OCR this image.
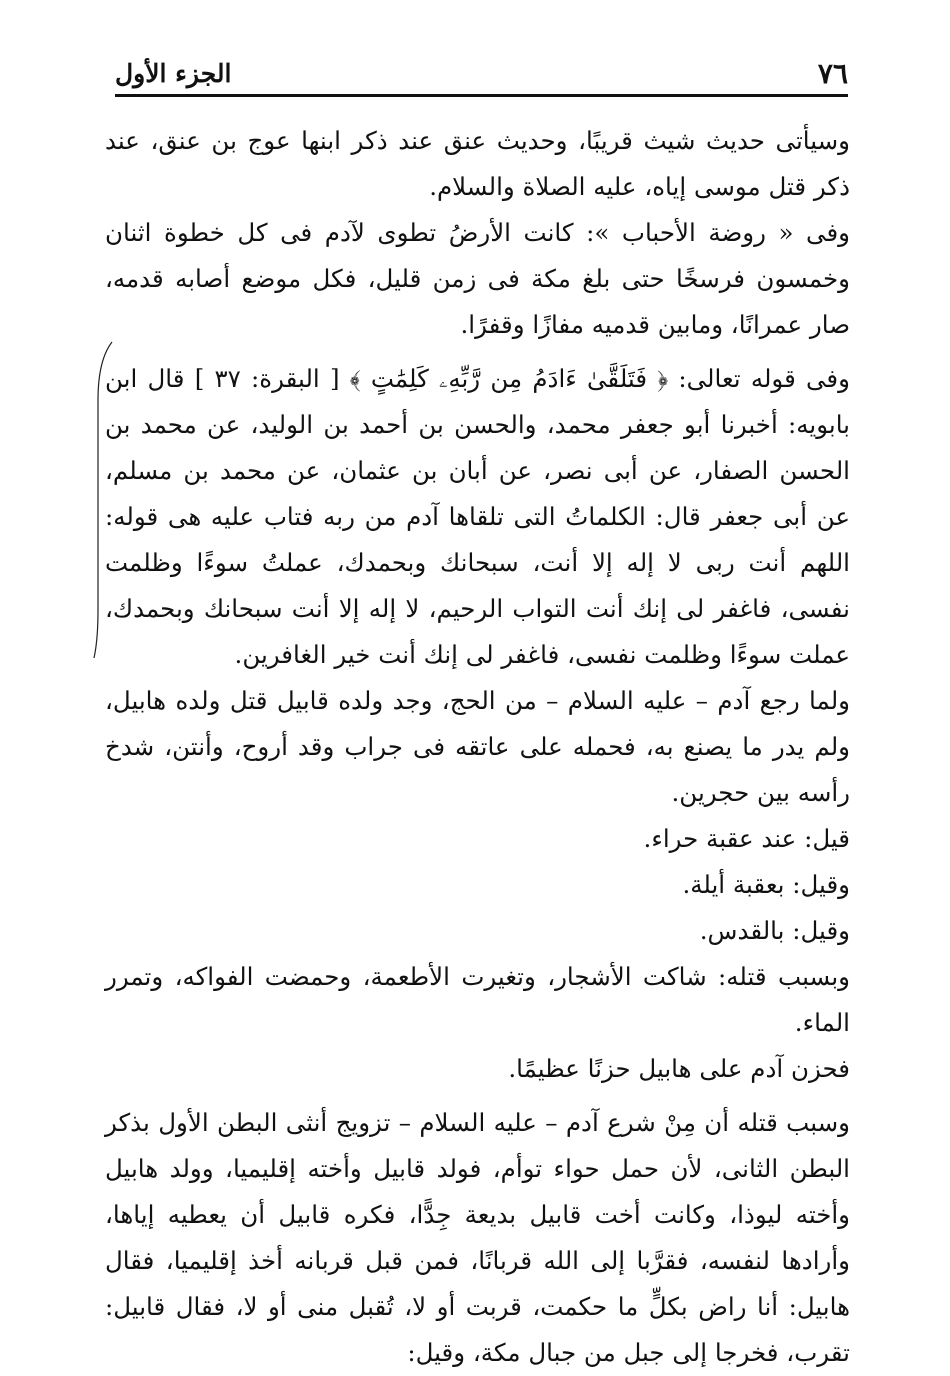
٧٦
الجزء الأول

وسيأتى حديث شيث قريبًا، وحديث عنق عند ذكر ابنها عوج بن عنق، عند ذكر قتل موسى إياه، عليه الصلاة والسلام.

وفى « روضة الأحباب »: كانت الأرضُ تطوى لآدم فى كل خطوة اثنان وخمسون فرسخًا حتى بلغ مكة فى زمن قليل، فكل موضع أصابه قدمه، صار عمرانًا، ومابين قدميه مفازًا وقفرًا.

وفى قوله تعالى: ﴿ فَتَلَقَّىٰ ءَادَمُ مِن رَّبِّهِۦ كَلِمَٰتٍ ﴾ [ البقرة: ٣٧ ] قال ابن بابويه: أخبرنا أبو جعفر محمد، والحسن بن أحمد بن الوليد، عن محمد بن الحسن الصفار، عن أبى نصر، عن أبان بن عثمان، عن محمد بن مسلم، عن أبى جعفر قال: الكلماتُ التى تلقاها آدم من ربه فتاب عليه هى قوله: اللهم أنت ربى لا إله إلا أنت، سبحانك وبحمدك، عملتُ سوءًا وظلمت نفسى، فاغفر لى إنك أنت التواب الرحيم، لا إله إلا أنت سبحانك وبحمدك، عملت سوءًا وظلمت نفسى، فاغفر لى إنك أنت خير الغافرين.

ولما رجع آدم – عليه السلام – من الحج، وجد ولده قابيل قتل ولده هابيل، ولم يدر ما يصنع به، فحمله على عاتقه فى جراب وقد أروح، وأنتن، شدخ رأسه بين حجرين.

قيل: عند عقبة حراء.

وقيل: بعقبة أيلة.

وقيل: بالقدس.

وبسبب قتله: شاكت الأشجار، وتغيرت الأطعمة، وحمضت الفواكه، وتمرر الماء.

فحزن آدم على هابيل حزنًا عظيمًا.

وسبب قتله أن مِنْ شرع آدم – عليه السلام – تزويج أنثى البطن الأول بذكر البطن الثانى، لأن حمل حواء توأم، فولد قابيل وأخته إقليميا، وولد هابيل وأخته ليوذا، وكانت أخت قابيل بديعة جِدًّا، فكره قابيل أن يعطيه إياها، وأرادها لنفسه، فقرَّبا إلى الله قربانًا، فمن قبل قربانه أخذ إقليميا، فقال هابيل: أنا راض بكلٍّ ما حكمت، قربت أو لا، تُقبل منى أو لا، فقال قابيل: تقرب، فخرجا إلى جبل من جبال مكة، وقيل:
